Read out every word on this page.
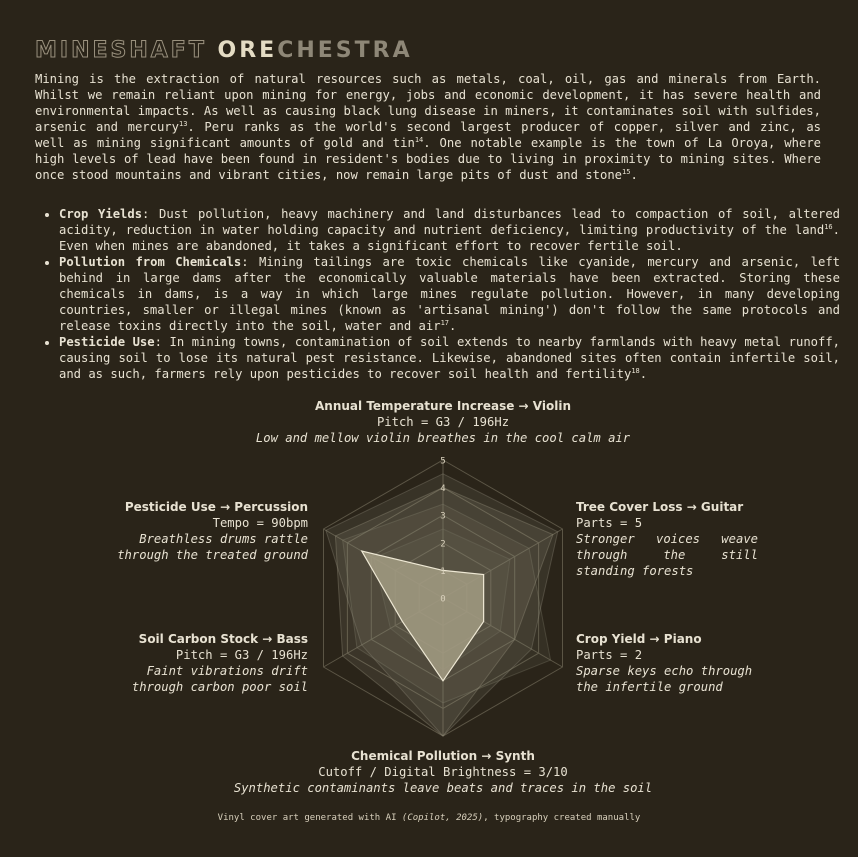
MINESHAFT ORECHESTRA

Mining is the extraction of natural resources such as metals, coal, oil, gas and minerals from Earth. Whilst we remain reliant upon mining for energy, jobs and economic development, it has severe health and environmental impacts. As well as causing black lung disease in miners, it contaminates soil with sulfides, arsenic and mercury$^{13}$. Peru ranks as the world's second largest producer of copper, silver and zinc, as well as mining significant amounts of gold and tin$^{14}$. One notable example is the town of La Oroya, where high levels of lead have been found in resident's bodies due to living in proximity to mining sites. Where once stood mountains and vibrant cities, now remain large pits of dust and stone$^{15}$.

• Crop Yields: Dust pollution, heavy machinery and land disturbances lead to compaction of soil, altered acidity, reduction in water holding capacity and nutrient deficiency, limiting productivity of the land$^{16}$. Even when mines are abandoned, it takes a significant effort to recover fertile soil.
• Pollution from Chemicals: Mining tailings are toxic chemicals like cyanide, mercury and arsenic, left behind in large dams after the economically valuable materials have been extracted. Storing these chemicals in dams, is a way in which large mines regulate pollution. However, in many developing countries, smaller or illegal mines (known as 'artisanal mining') don't follow the same protocols and release toxins directly into the soil, water and air$^{17}$.
• Pesticide Use: In mining towns, contamination of soil extends to nearby farmlands with heavy metal runoff, causing soil to lose its natural pest resistance. Likewise, abandoned sites often contain infertile soil, and as such, farmers rely upon pesticides to recover soil health and fertility$^{18}$.
0
1
2
3
4
5
Annual Temperature Increase → Violin
Pitch = G3 / 196Hz
Low and mellow violin breathes in the cool calm air
Tree Cover Loss → Guitar
Parts = 5
Stronger voices weave through the still standing forests
Crop Yield → Piano
Parts = 2
Sparse keys echo through the infertile ground
Chemical Pollution → Synth
Cutoff / Digital Brightness = 3/10
Synthetic contaminants leave beats and traces in the soil
Soil Carbon Stock → Bass
Pitch = G3 / 196Hz
Faint vibrations drift through carbon poor soil
Pesticide Use → Percussion
Tempo = 90bpm
Breathless drums rattle through the treated ground
Vinyl cover art generated with AI (Copilot, 2025), typography created manually
